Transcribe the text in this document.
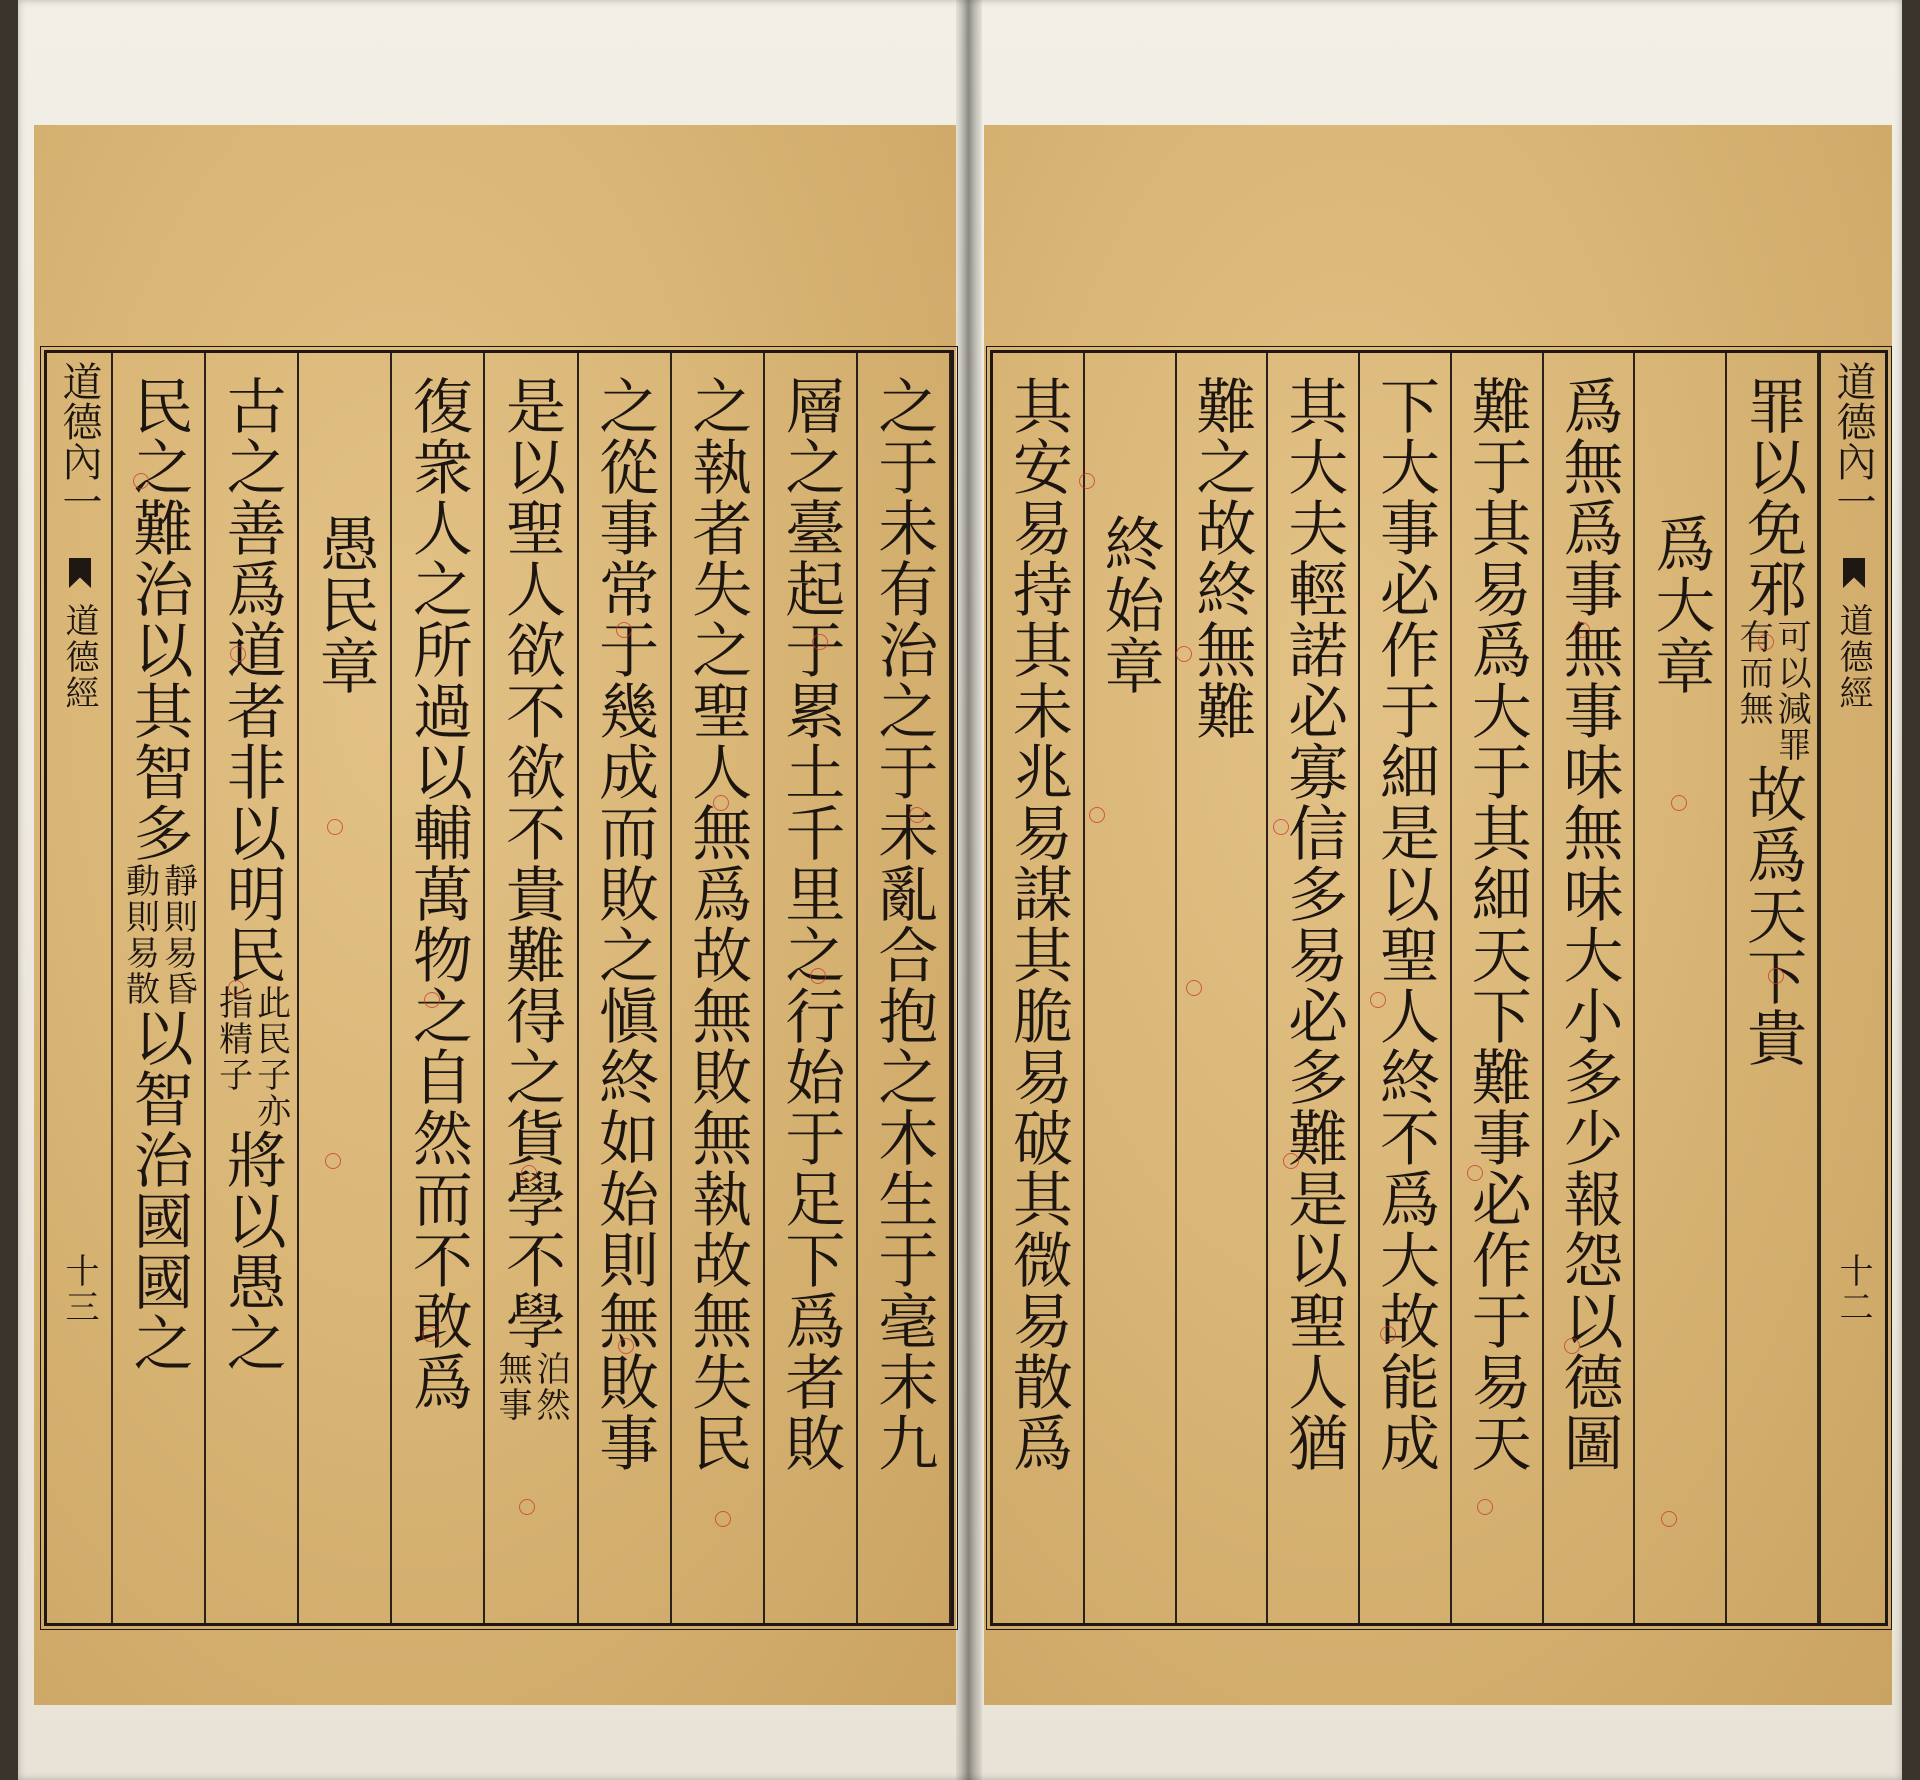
道德內一
道德經
十三	之于未有治之于未亂合抱之木生于毫末九
層之臺起于累土千里之行始于足下爲者敗
之執者失之聖人無爲故無敗無執故無失民
之從事常于幾成而敗之愼終如始則無敗事
是以聖人欲不欲不貴難得之貨學不學
泊然
無事
復衆人之所過以輔萬物之自然而不敢爲
愚民章
古之善爲道者非以明民
此民子亦
指精子
將以愚之
民之難治以其智多
靜則易昏
動則易散
以智治國國之
道德內一
道德經
十二
罪以免邪
可以減罪
有而無
故爲天下貴
爲大章
爲無爲事無事味無味大小多少報怨以德圖
難于其易爲大于其細天下難事必作于易天
下大事必作于細是以聖人終不爲大故能成
其大夫輕諾必寡信多易必多難是以聖人猶
難之故終無難
終始章
其安易持其未兆易謀其脆易破其微易散爲
